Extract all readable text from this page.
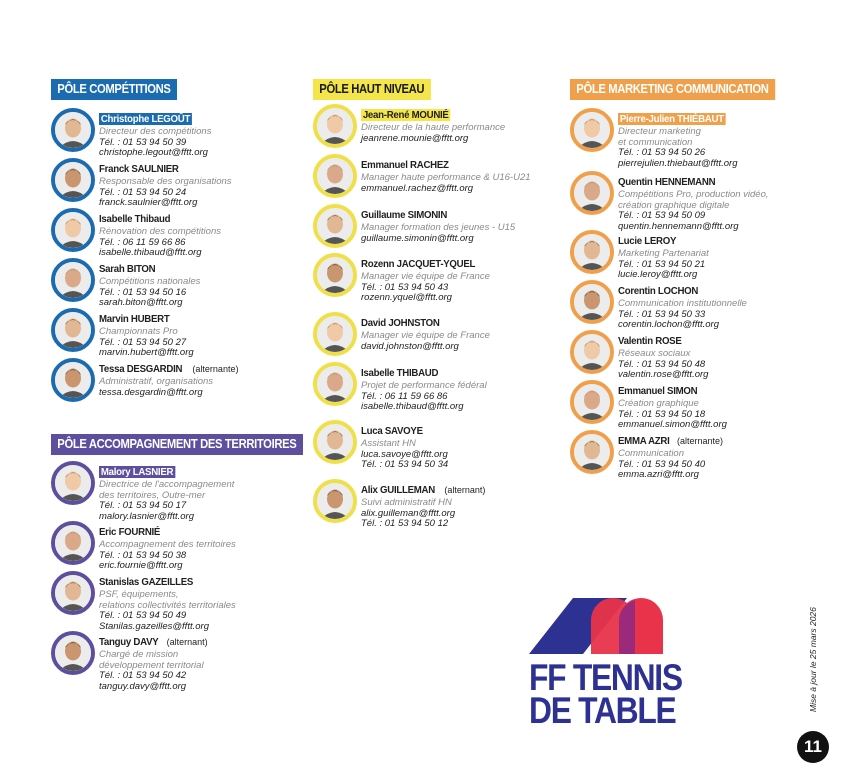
PÔLE COMPÉTITIONS	PÔLE HAUT NIVEAU	PÔLE MARKETING COMMUNICATION
PÔLE ACCOMPAGNEMENT DES TERRITOIRES
Christophe LEGOÛT
Directeur des compétitions
Tél. : 01 53 94 50 39
christophe.legout@fftt.org
Franck SAULNIER
Responsable des organisations
Tél. : 01 53 94 50 24
franck.saulnier@fftt.org
Isabelle Thibaud
Rénovation des compétitions
Tél. : 06 11 59 66 86
isabelle.thibaud@fftt.org
Sarah BITON
Compétitions nationales
Tél. : 01 53 94 50 16
sarah.biton@fftt.org
Marvin HUBERT
Championnats Pro
Tél. : 01 53 94 50 27
marvin.hubert@fftt.org
Tessa DESGARDIN (alternante)
Administratif, organisations
tessa.desgardin@fftt.org
Malory LASNIER
Directrice de l'accompagnement
des territoires, Outre-mer
Tél. : 01 53 94 50 17
malory.lasnier@fftt.org
Eric FOURNIÉ
Accompagnement des territoires
Tél. : 01 53 94 50 38
eric.fournie@fftt.org
Stanislas GAZEILLES
PSF, équipements,
relations collectivités territoriales
Tél. : 01 53 94 50 49
Stanilas.gazeilles@fftt.org
Tanguy DAVY (alternant)
Chargé de mission
développement territorial
Tél. : 01 53 94 50 42
tanguy.davy@fftt.org
Jean-René MOUNIÉ
Directeur de la haute performance
jeanrene.mounie@fftt.org
Emmanuel RACHEZ
Manager haute performance & U16-U21
emmanuel.rachez@fftt.org
Guillaume SIMONIN
Manager formation des jeunes - U15
guillaume.simonin@fftt.org
Rozenn JACQUET-YQUEL
Manager vie équipe de France
Tél. : 01 53 94 50 43
rozenn.yquel@fftt.org
David JOHNSTON
Manager vie équipe de France
david.johnston@fftt.org
Isabelle THIBAUD
Projet de performance fédéral
Tél. : 06 11 59 66 86
isabelle.thibaud@fftt.org
Luca SAVOYE
Assistant HN
luca.savoye@fftt.org
Tél. : 01 53 94 50 34
Alix GUILLEMAN (alternant)
Suivi administratif HN
alix.guilleman@fftt.org
Tél. : 01 53 94 50 12
Pierre-Julien THIÉBAUT
Directeur marketing
et communication
Tél. : 01 53 94 50 26
pierrejulien.thiebaut@fftt.org
Quentin HENNEMANN
Compétitions Pro, production vidéo,
création graphique digitale
Tél. : 01 53 94 50 09
quentin.hennemann@fftt.org
Lucie LEROY
Marketing Partenariat
Tél. : 01 53 94 50 21
lucie.leroy@fftt.org
Corentin LOCHON
Communication institutionnelle
Tél. : 01 53 94 50 33
corentin.lochon@fftt.org
Valentin ROSE
Réseaux sociaux
Tél. : 01 53 94 50 48
valentin.rose@fftt.org
Emmanuel SIMON
Création graphique
Tél. : 01 53 94 50 18
emmanuel.simon@fftt.org
EMMA AZRI (alternante)
Communication
Tél. : 01 53 94 50 40
emma.azri@fftt.org
FF TENNIS
DE TABLE	Mise à jour le 25 mars 2026
11
